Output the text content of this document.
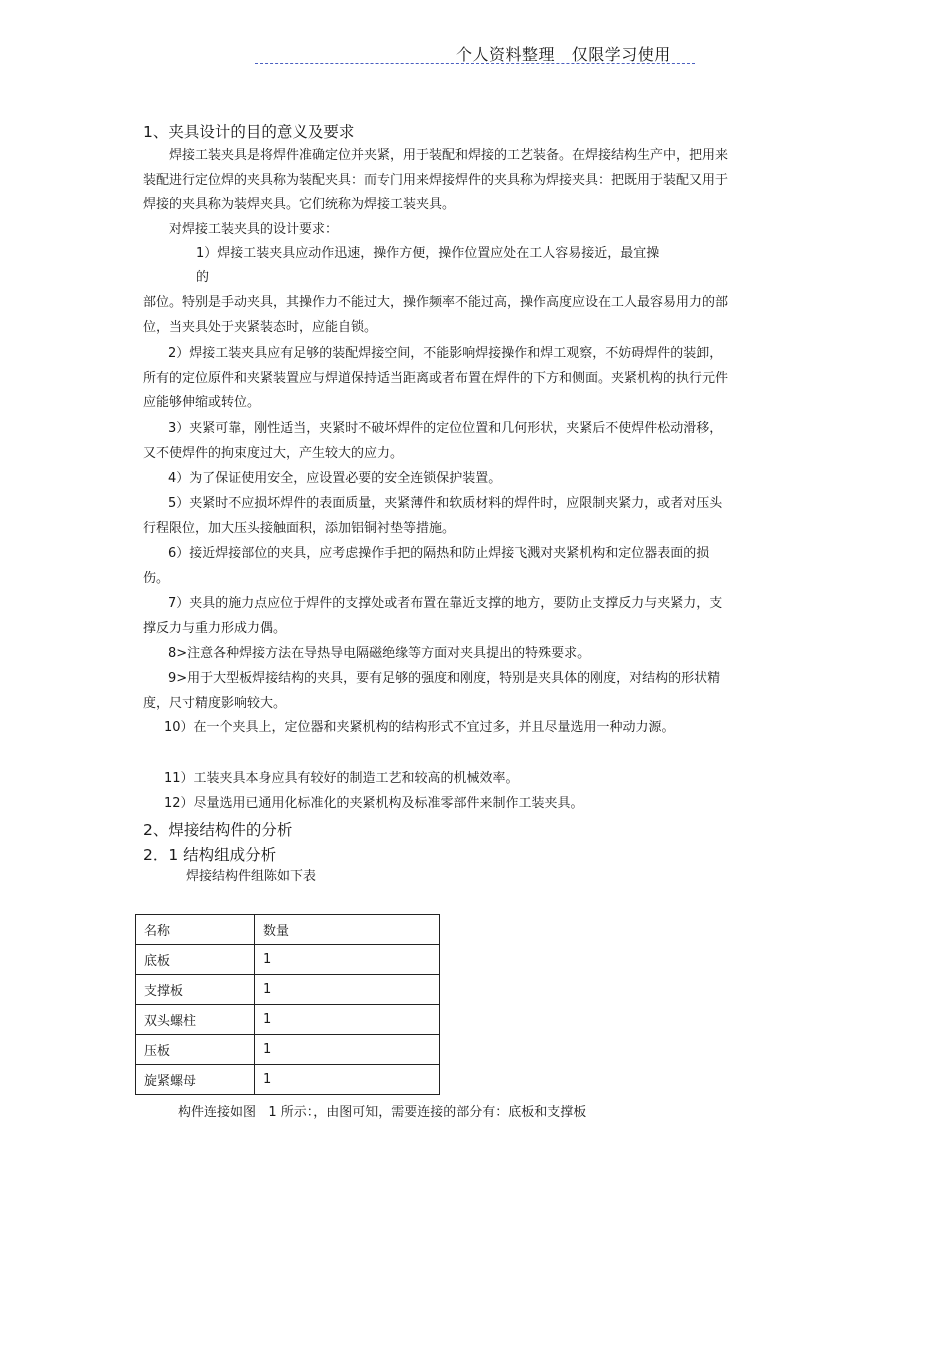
个人资料整理   仅限学习使用
1、夹具设计的目的意义及要求

焊接工装夹具是将焊件准确定位并夹紧，用于装配和焊接的工艺装备。在焊接结构生产中，把用来装配进行定位焊的夹具称为装配夹具：而专门用来焊接焊件的夹具称为焊接夹具：把既用于装配又用于焊接的夹具称为装焊夹具。它们统称为焊接工装夹具。

对焊接工装夹具的设计要求：

1）焊接工装夹具应动作迅速，操作方便，操作位置应处在工人容易接近，最宜操

的

部位。特别是手动夹具，其操作力不能过大，操作频率不能过高，操作高度应设在工人最容易用力的部位，当夹具处于夹紧装态时，应能自锁。

2）焊接工装夹具应有足够的装配焊接空间，不能影响焊接操作和焊工观察，不妨碍焊件的装卸，所有的定位原件和夹紧装置应与焊道保持适当距离或者布置在焊件的下方和侧面。夹紧机构的执行元件应能够伸缩或转位。

3）夹紧可靠，刚性适当，夹紧时不破坏焊件的定位位置和几何形状，夹紧后不使焊件松动滑移，又不使焊件的拘束度过大，产生较大的应力。

4）为了保证使用安全，应设置必要的安全连锁保护装置。

5）夹紧时不应损坏焊件的表面质量，夹紧薄件和软质材料的焊件时，应限制夹紧力，或者对压头行程限位，加大压头接触面积，添加铝铜衬垫等措施。

6）接近焊接部位的夹具，应考虑操作手把的隔热和防止焊接飞溅对夹紧机构和定位器表面的损伤。

7）夹具的施力点应位于焊件的支撑处或者布置在靠近支撑的地方，要防止支撑反力与夹紧力，支撑反力与重力形成力偶。

8>注意各种焊接方法在导热导电隔磁绝缘等方面对夹具提出的特殊要求。

9>用于大型板焊接结构的夹具，要有足够的强度和刚度，特别是夹具体的刚度，对结构的形状精度，尺寸精度影响较大。

10）在一个夹具上，定位器和夹紧机构的结构形式不宜过多，并且尽量选用一种动力源。

11）工装夹具本身应具有较好的制造工艺和较高的机械效率。

12）尽量选用已通用化标准化的夹紧机构及标准零部件来制作工装夹具。

2、焊接结构件的分析
2．1 结构组成分析

焊接结构件组陈如下表

名称	数量
底板	1
支撑板	1
双头螺柱	1
压板	1
旋紧螺母	1

构件连接如图   1 所示：，由图可知，需要连接的部分有：底板和支撑板
